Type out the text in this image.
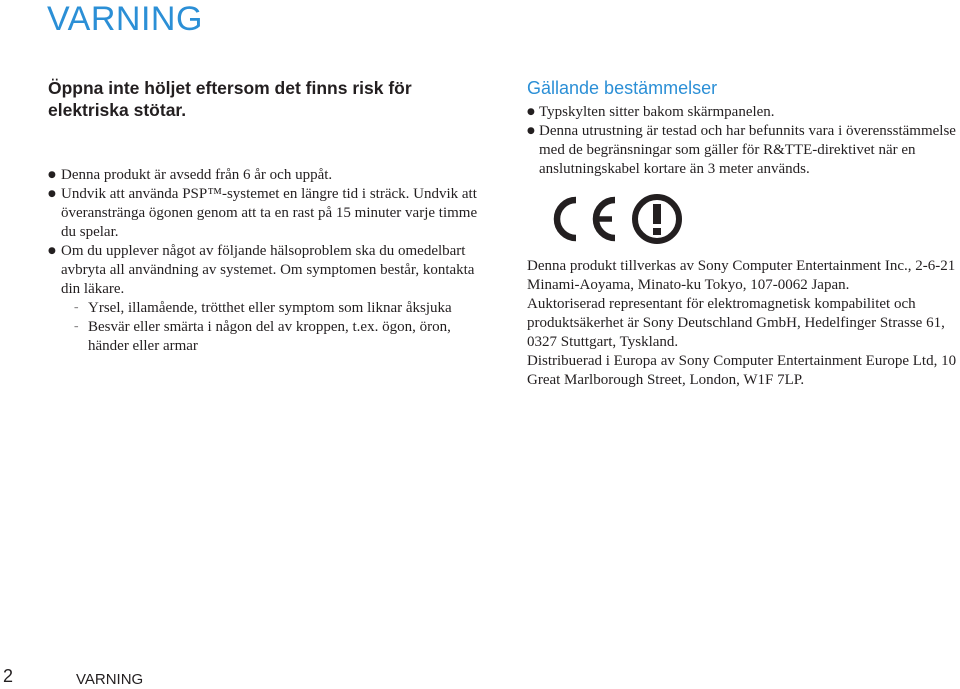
VARNING
Öppna inte höljet eftersom det finns risk för
elektriska stötar.
● Denna produkt är avsedd från 6 år och uppåt.
● Undvik att använda PSP™-systemet en längre tid i sträck. Undvik att överanstränga ögonen genom att ta en rast på 15 minuter varje timme du spelar.
● Om du upplever något av följande hälsoproblem ska du omedelbart avbryta all användning av systemet. Om symptomen består, kontakta din läkare.
– Yrsel, illamående, trötthet eller symptom som liknar åksjuka
– Besvär eller smärta i någon del av kroppen, t.ex. ögon, öron, händer eller armar
Gällande bestämmelser
● Typskylten sitter bakom skärmpanelen.
● Denna utrustning är testad och har befunnits vara i överensstämmelse med de begränsningar som gäller för R&TTE-direktivet när en anslutningskabel kortare än 3 meter används.
Denna produkt tillverkas av Sony Computer Entertainment Inc., 2-6-21 Minami-Aoyama, Minato-ku Tokyo, 107-0062 Japan.
Auktoriserad representant för elektromagnetisk kompabilitet och produktsäkerhet är Sony Deutschland GmbH, Hedelfinger Strasse 61, 0327 Stuttgart, Tyskland.
Distribuerad i Europa av Sony Computer Entertainment Europe Ltd, 10 Great Marlborough Street, London, W1F 7LP.
2	VARNING
